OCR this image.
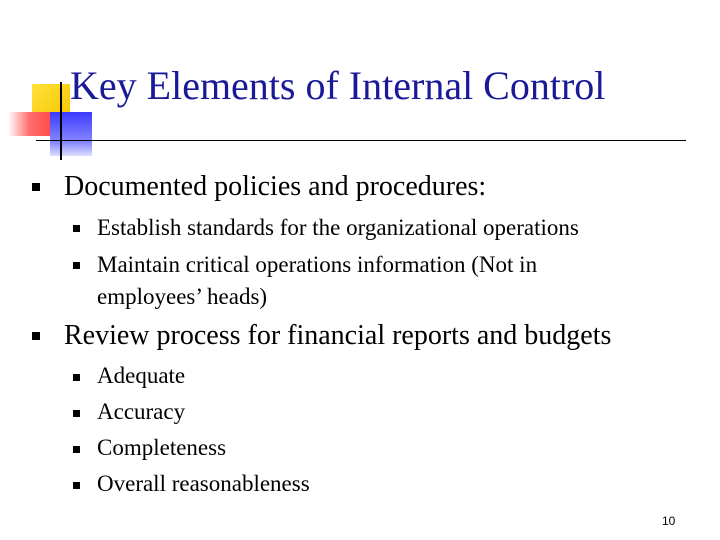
Key Elements of Internal Control
Documented policies and procedures:
Establish standards for the organizational operations
Maintain critical operations information (Not in
employees’ heads)
Review process for financial reports and budgets
Adequate
Accuracy
Completeness
Overall reasonableness
10
